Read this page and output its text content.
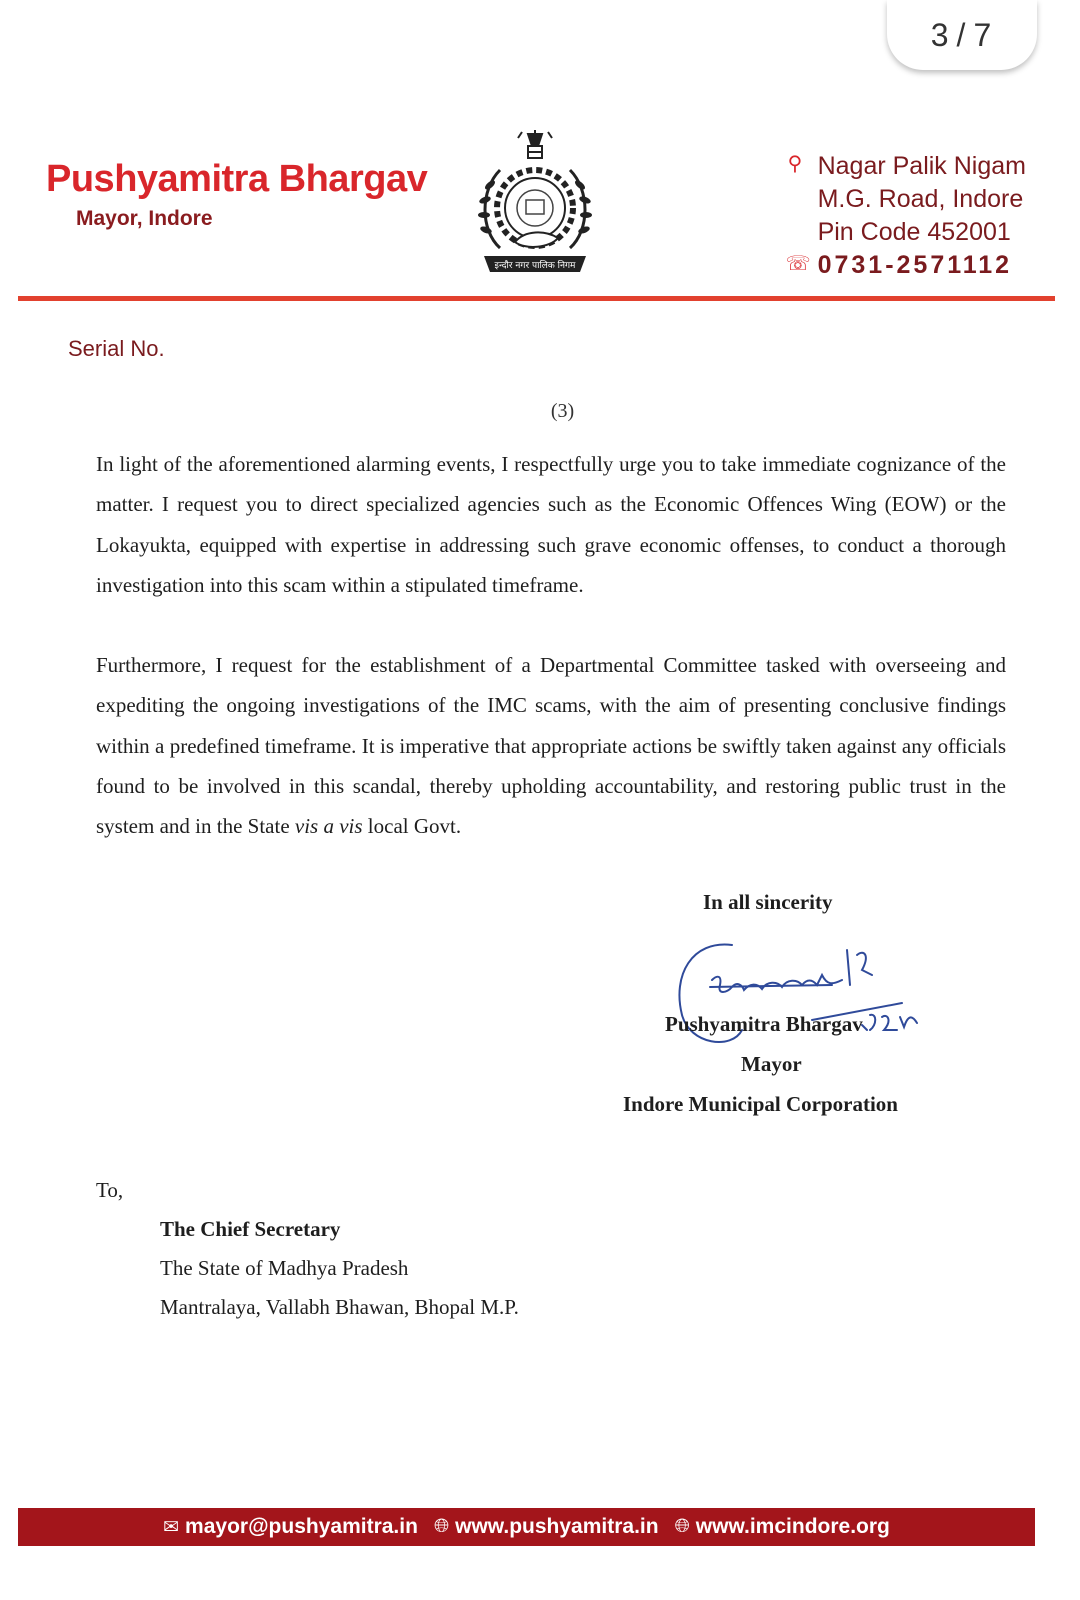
3 / 7
Pushyamitra Bhargav
Mayor, Indore
इन्दौर नगर पालिक निगम
⚲ Nagar Palik Nigam
M.G. Road, Indore
Pin Code 452001
☏ 0731-2571112
Serial No.
(3)

In light of the aforementioned alarming events, I respectfully urge you to take immediate cognizance of the matter. I request you to direct specialized agencies such as the Economic Offences Wing (EOW) or the Lokayukta, equipped with expertise in addressing such grave economic offenses, to conduct a thorough investigation into this scam within a stipulated timeframe.

Furthermore, I request for the establishment of a Departmental Committee tasked with overseeing and expediting the ongoing investigations of the IMC scams, with the aim of presenting conclusive findings within a predefined timeframe. It is imperative that appropriate actions be swiftly taken against any officials found to be involved in this scandal, thereby upholding accountability, and restoring public trust in the system and in the State vis a vis local Govt.

In all sincerity
Pushyamitra Bhargav
Mayor
Indore Municipal Corporation
To,
The Chief Secretary
The State of Madhya Pradesh
Mantralaya, Vallabh Bhawan, Bhopal M.P.
✉ mayor@pushyamitra.in 🌐︎ www.pushyamitra.in 🌐︎ www.imcindore.org
